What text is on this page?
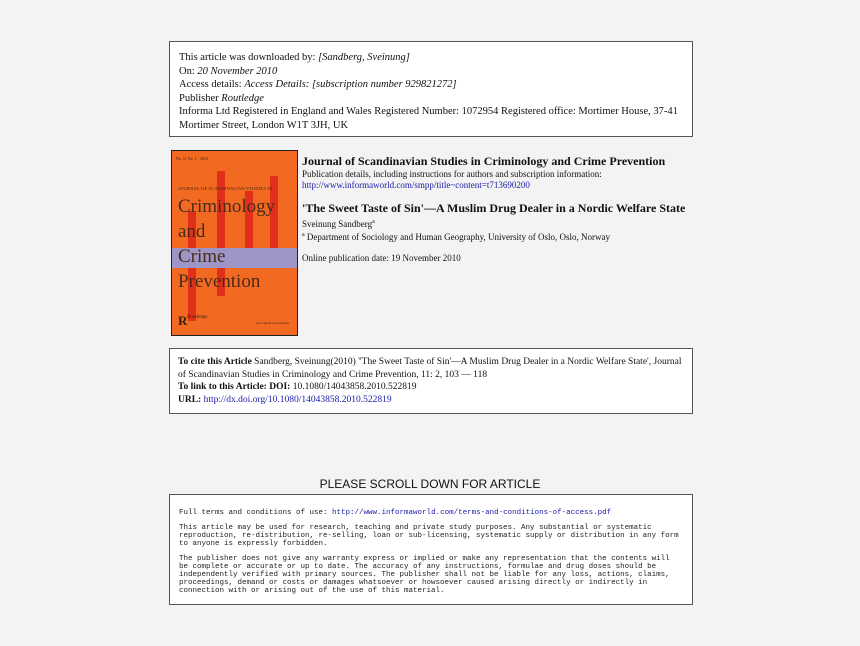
This article was downloaded by: [Sandberg, Sveinung]
On: 20 November 2010
Access details: Access Details: [subscription number 929821272]
Publisher Routledge
Informa Ltd Registered in England and Wales Registered Number: 1072954 Registered office: Mortimer House, 37-41 Mortimer Street, London W1T 3JH, UK
No. 11 No. 1 · 2010
JOURNAL OF SCANDINAVIAN STUDIES IN
Criminology
and
Crime
Prevention
R Routledge
www.tandf.no/scancrim
Journal of Scandinavian Studies in Criminology and Crime Prevention
Publication details, including instructions for authors and subscription information:
http://www.informaworld.com/smpp/title~content=t713690200
'The Sweet Taste of Sin'—A Muslim Drug Dealer in a Nordic Welfare State
Sveinung Sandberg$^a$
$^a$ Department of Sociology and Human Geography, University of Oslo, Oslo, Norway
Online publication date: 19 November 2010
To cite this Article Sandberg, Sveinung(2010) ''The Sweet Taste of Sin'—A Muslim Drug Dealer in a Nordic Welfare State', Journal of Scandinavian Studies in Criminology and Crime Prevention, 11: 2, 103 — 118
To link to this Article: DOI: 10.1080/14043858.2010.522819
URL: http://dx.doi.org/10.1080/14043858.2010.522819
PLEASE SCROLL DOWN FOR ARTICLE

Full terms and conditions of use: http://www.informaworld.com/terms-and-conditions-of-access.pdf

This article may be used for research, teaching and private study purposes. Any substantial or systematic reproduction, re-distribution, re-selling, loan or sub-licensing, systematic supply or distribution in any form to anyone is expressly forbidden.

The publisher does not give any warranty express or implied or make any representation that the contents will be complete or accurate or up to date. The accuracy of any instructions, formulae and drug doses should be independently verified with primary sources. The publisher shall not be liable for any loss, actions, claims, proceedings, demand or costs or damages whatsoever or howsoever caused arising directly or indirectly in connection with or arising out of the use of this material.
